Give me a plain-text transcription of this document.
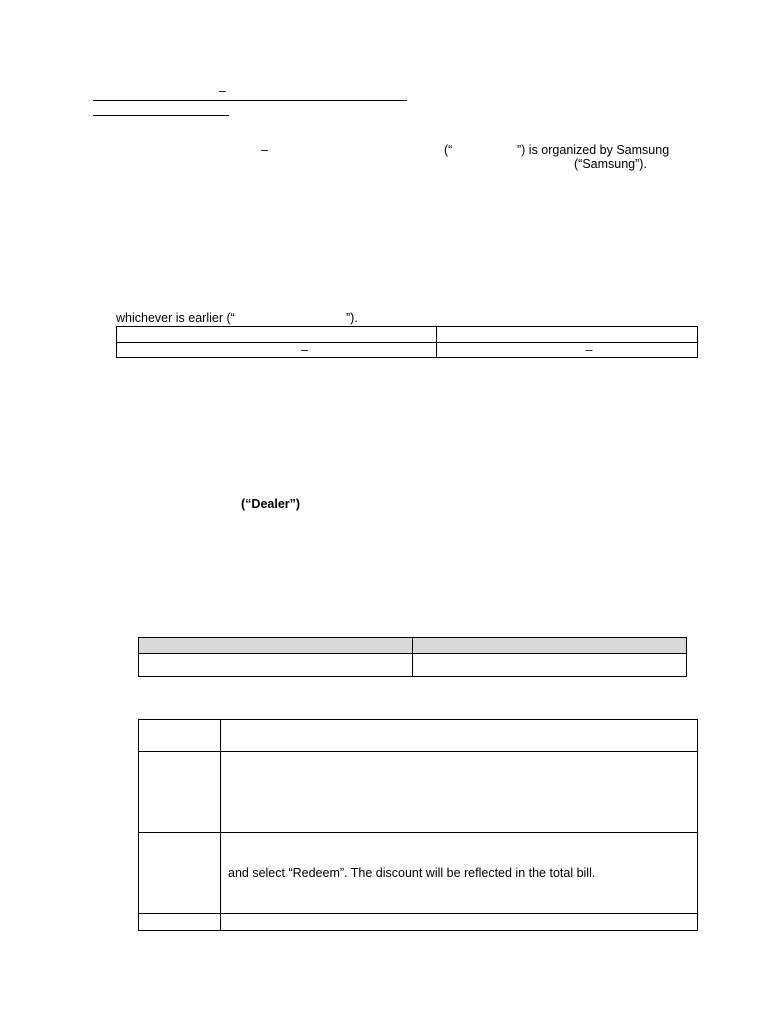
–
–	(“	”) is organized by Samsung
(“Samsung”).
whichever is earlier (“	”).

–	–
(“Dealer”)

	and select “Redeem”. The discount will be reflected in the total bill.
